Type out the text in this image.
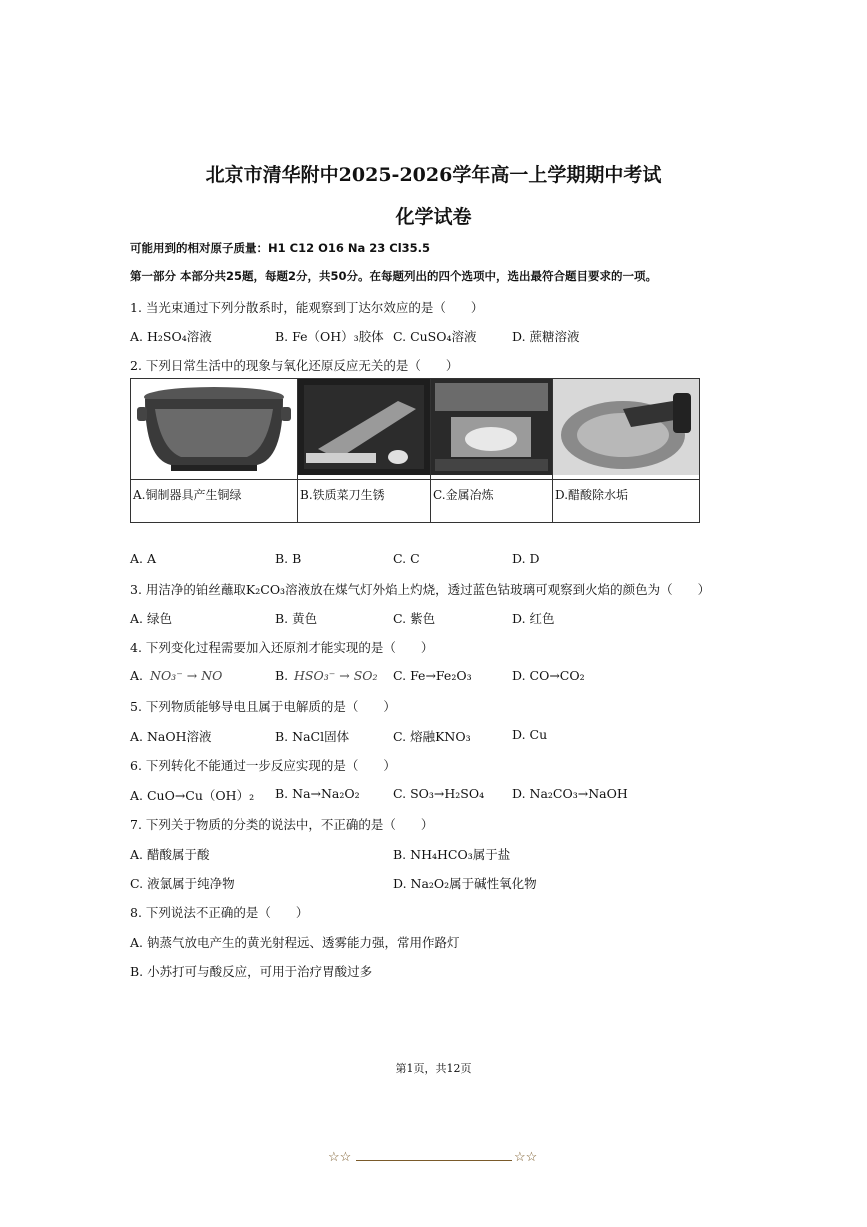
北京市清华附中2025-2026学年高一上学期期中考试
化学试卷
可能用到的相对原子质量：H1 C12 O16 Na 23 Cl35.5
第一部分 本部分共25题，每题2分，共50分。在每题列出的四个选项中，选出最符合题目要求的一项。
1. 当光束通过下列分散系时，能观察到丁达尔效应的是（　　）
A. H₂SO₄溶液	B. Fe（OH）₃胶体 C. CuSO₄溶液	D. 蔗糖溶液
2. 下列日常生活中的现象与氧化还原反应无关的是（　　）

A.铜制器具产生铜绿	B.铁质菜刀生锈	C.金属冶炼	D.醋酸除水垢
A. A	B. B	C. C	D. D
3. 用洁净的铂丝蘸取K₂CO₃溶液放在煤气灯外焰上灼烧，透过蓝色钴玻璃可观察到火焰的颜色为（　　）
A. 绿色	B. 黄色	C. 紫色	D. 红色
4. 下列变化过程需要加入还原剂才能实现的是（　　）
A. NO₃⁻ → NO	B. HSO₃⁻ → SO₂ C. Fe→Fe₂O₃	D. CO→CO₂
5. 下列物质能够导电且属于电解质的是（　　）
A. NaOH溶液	B. NaCl固体	C. 熔融KNO₃	D. Cu
6. 下列转化不能通过一步反应实现的是（　　）
A. CuO→Cu（OH）₂ B. Na→Na₂O₂	C. SO₃→H₂SO₄ D. Na₂CO₃→NaOH
7. 下列关于物质的分类的说法中，不正确的是（　　）
A. 醋酸属于酸	B. NH₄HCO₃属于盐
C. 液氯属于纯净物	D. Na₂O₂属于碱性氧化物
8. 下列说法不正确的是（　　）
A. 钠蒸气放电产生的黄光射程远、透雾能力强，常用作路灯
B. 小苏打可与酸反应，可用于治疗胃酸过多
第1页，共12页
☆☆	☆☆
